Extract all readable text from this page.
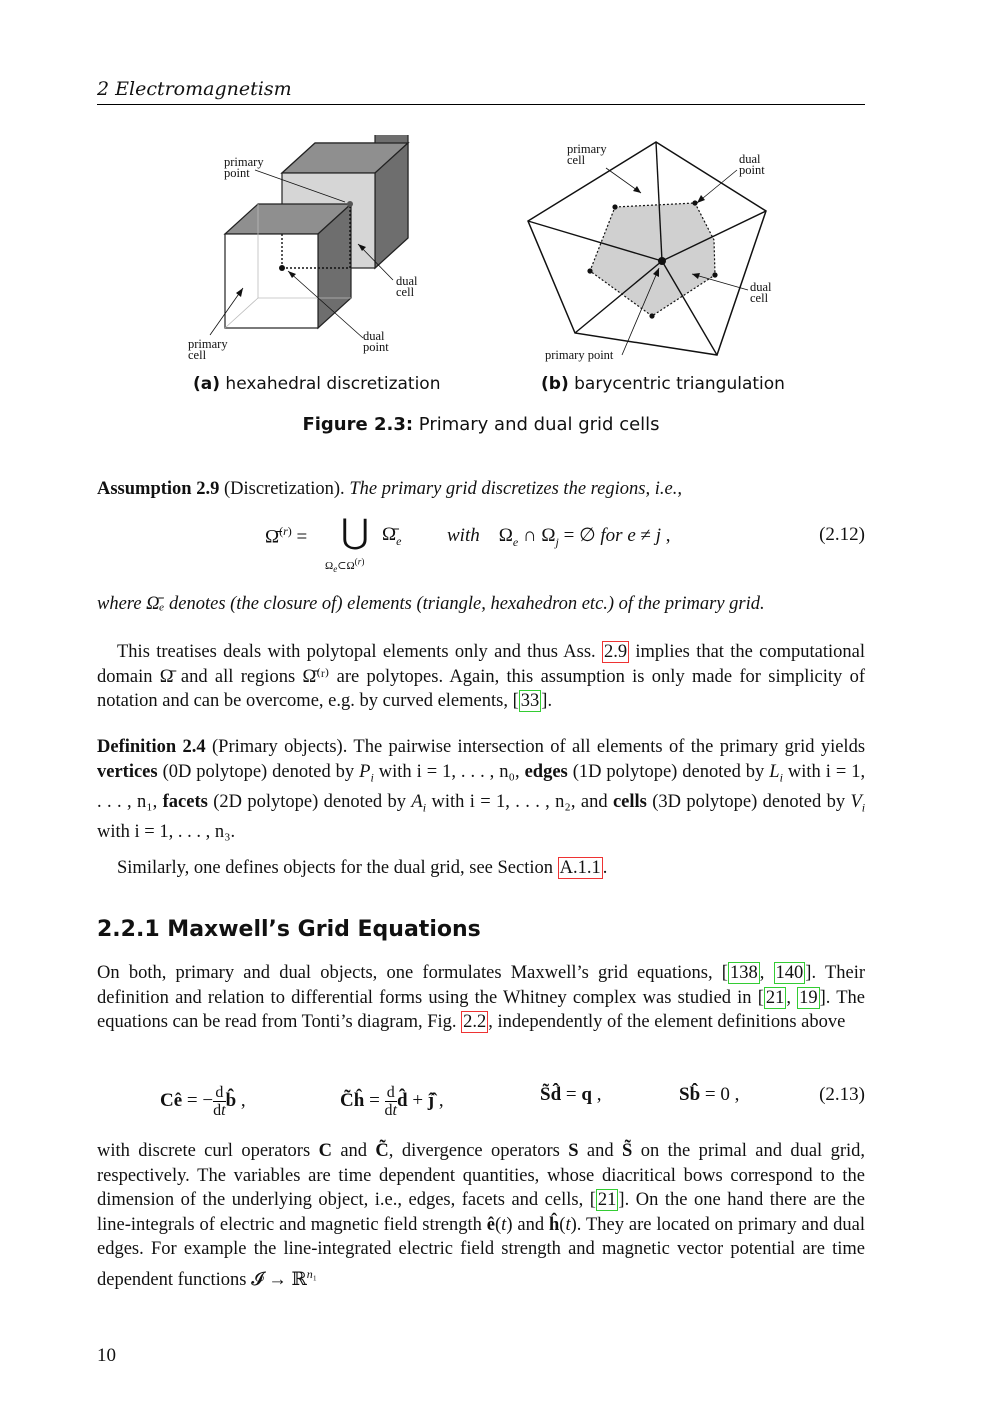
2 Electromagnetism
primary point
dual cell
dual point
primary cell
primary cell	dual point
dual cell
primary point
(a) hexahedral discretization	(b) barycentric triangulation
Figure 2.3: Primary and dual grid cells
Assumption 2.9 (Discretization). The primary grid discretizes the regions, i.e.,
Ω̄$^{(r)}$ = ⋃
$\Omega_e\subset\Omega^{(r)}$
$\Omegā_e$ with    $\Omega_e$ ∩ $\Omega_j$ = ∅ for e ≠ j ,	(2.12)
where Ω̄ₑ denotes (the closure of) elements (triangle, hexahedron etc.) of the primary grid.
This treatises deals with polytopal elements only and thus Ass. 2.9 implies that the computational domain Ω̄ and all regions Ω̄⁽ʳ⁾ are polytopes. Again, this assumption is only made for simplicity of notation and can be overcome, e.g. by curved elements, [ 33 ].
Definition 2.4 (Primary objects). The pairwise intersection of all elements of the primary grid yields vertices (0D polytope) denoted by $P_i$ with i = 1, . . . , n₀, edges (1D polytope) denoted by $L_i$ with i = 1, . . . , n₁, facets (2D polytope) denoted by $A_i$ with i = 1, . . . , n₂, and cells (3D polytope) denoted by $V_i$ with i = 1, . . . , n₃.
Similarly, one defines objects for the dual grid, see Section A.1.1 .
2.2.1 Maxwell’s Grid Equations
On both, primary and dual objects, one formulates Maxwell’s grid equations, [ 138 , 140 ]. Their definition and relation to differential forms using the Whitney complex was studied in [ 21 , 19 ]. The equations can be read from Tonti’s diagram, Fig. 2.2 , independently of the element definitions above
Cê = − $\frac{d}{dt}$ b̂̂ ,	C̃ĥ = $\frac{d}{dt}$ d̂̂ + ĵ̂ ,	S̃d̂̂ = q ,	Sb̂̂ = 0 ,	(2.13)
with discrete curl operators C and C̃, divergence operators S and S̃ on the primal and dual grid, respectively. The variables are time dependent quantities, whose diacritical bows correspond to the dimension of the underlying object, i.e., edges, facets and cells, [ 21 ]. On the one hand there are the line-integrals of electric and magnetic field strength ê(t) and ĥ(t). They are located on primary and dual edges. For example the line-integrated electric field strength and magnetic vector potential are time dependent functions 𝓘 → ℝ$^{n_1}$
10
